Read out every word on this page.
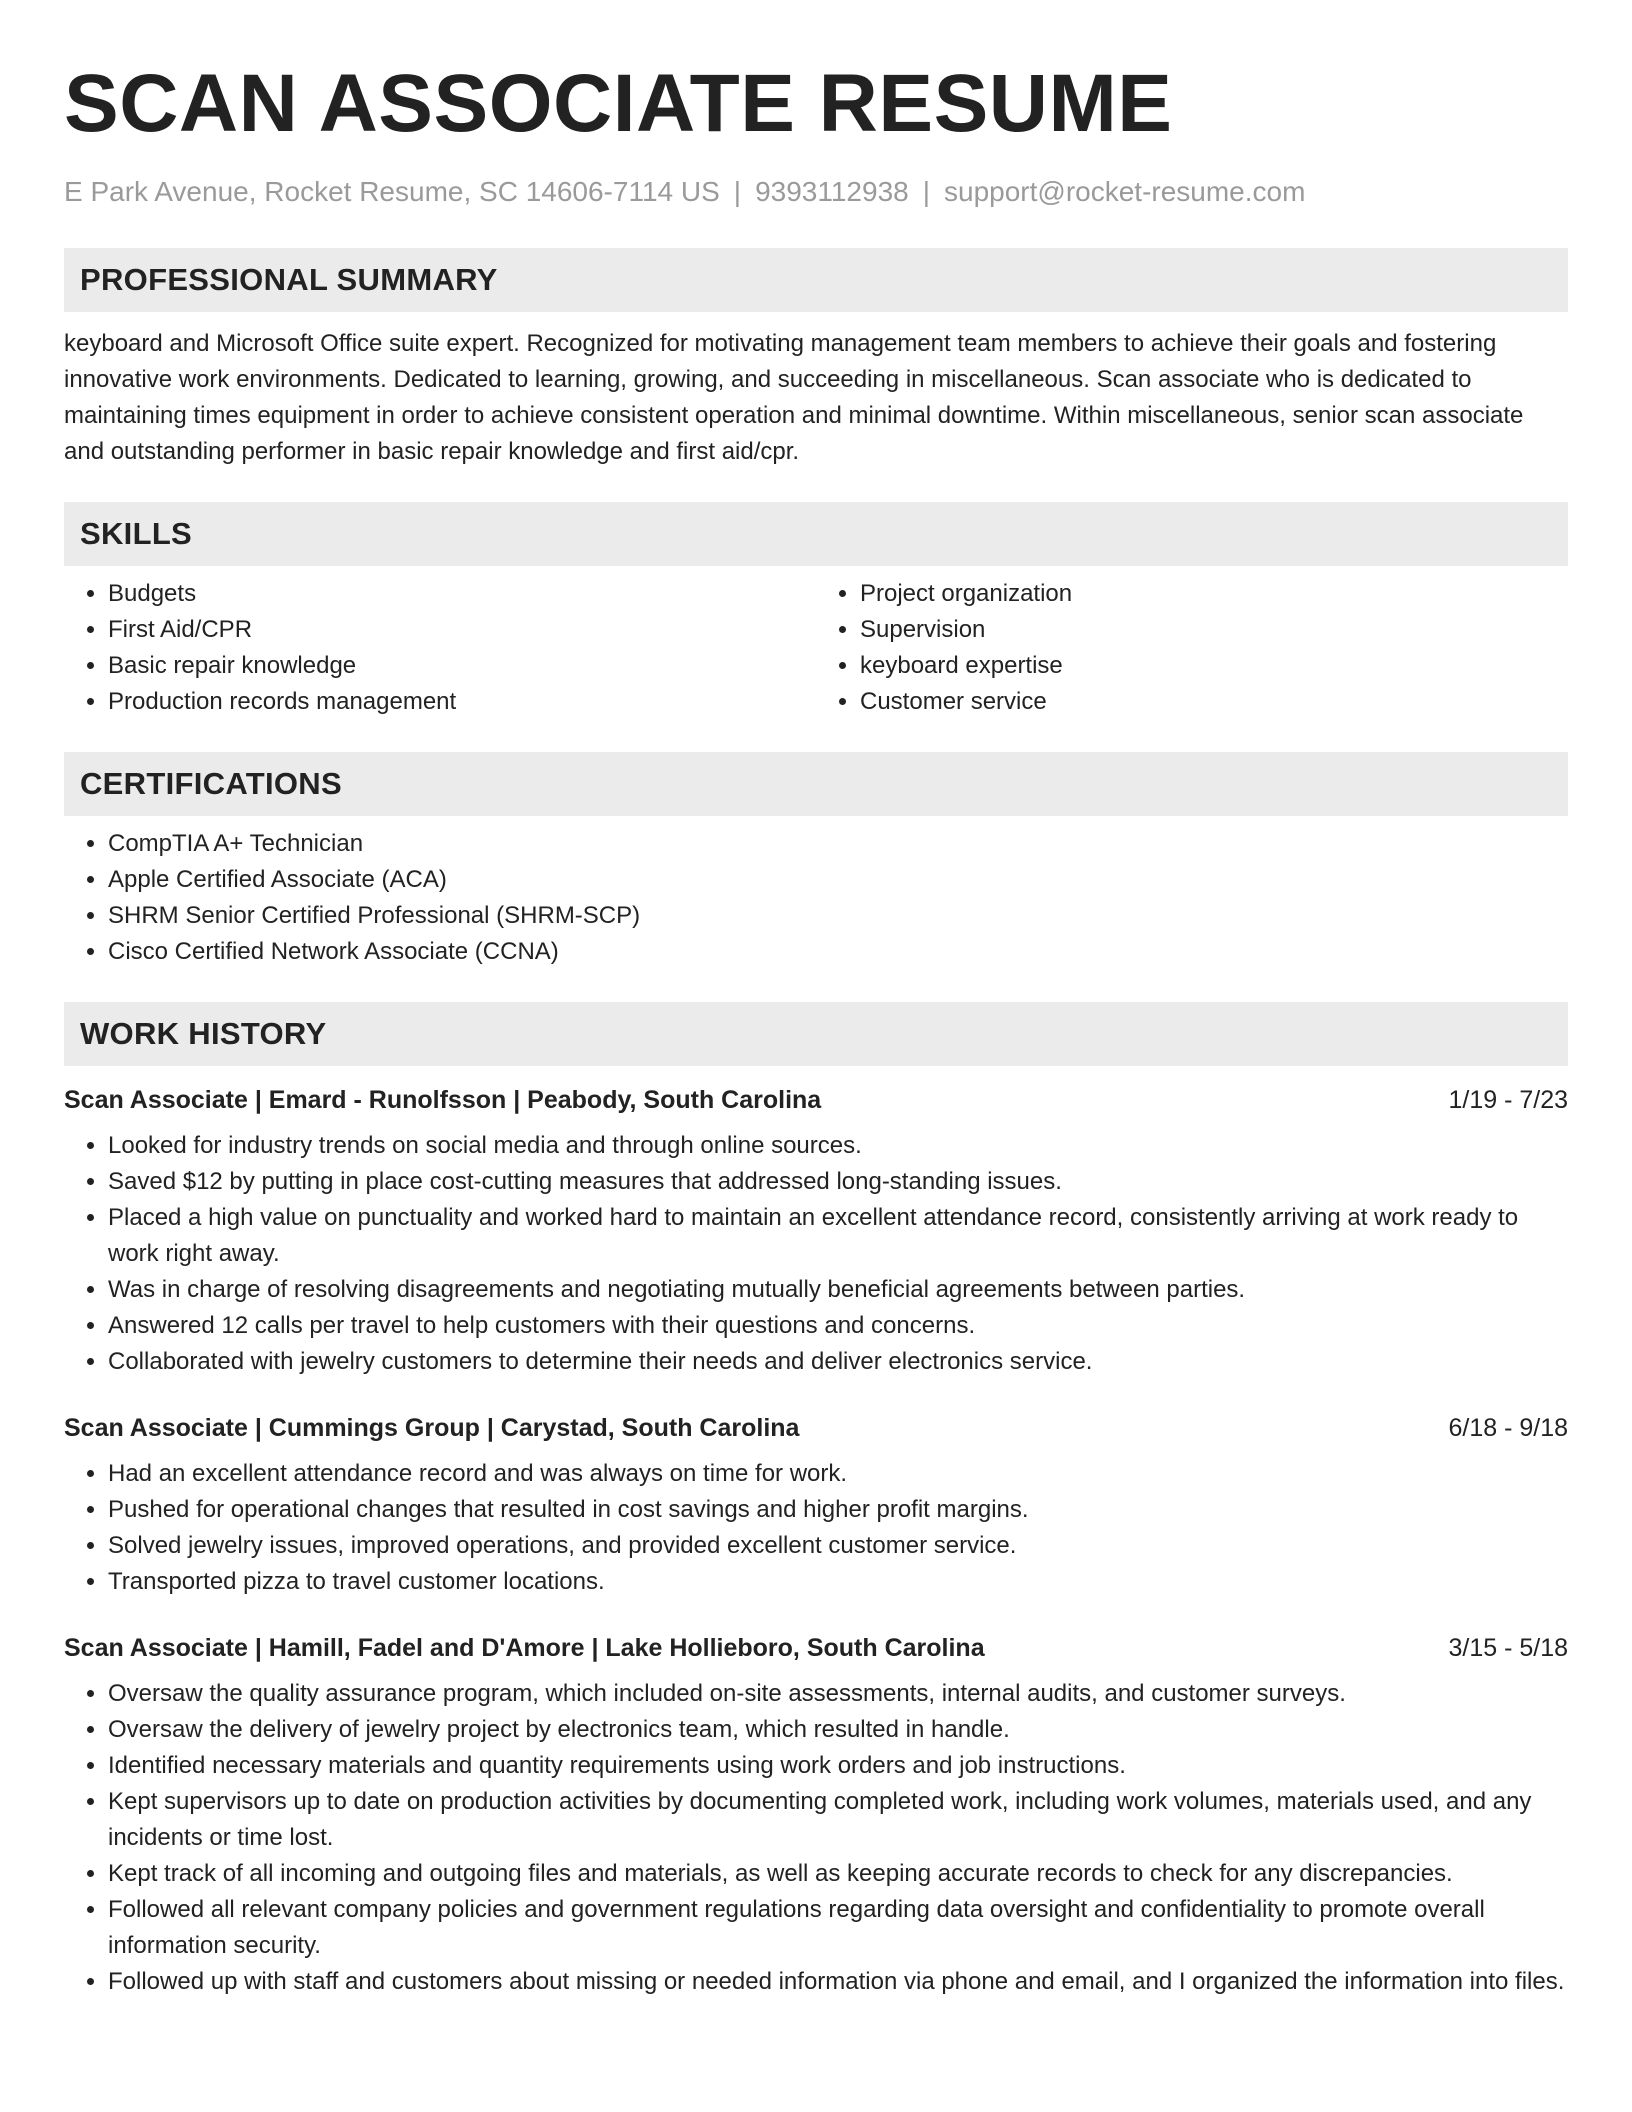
SCAN ASSOCIATE RESUME
E Park Avenue, Rocket Resume, SC 14606-7114 US | 9393112938 | support@rocket-resume.com
PROFESSIONAL SUMMARY

keyboard and Microsoft Office suite expert. Recognized for motivating management team members to achieve their goals and fostering innovative work environments. Dedicated to learning, growing, and succeeding in miscellaneous. Scan associate who is dedicated to maintaining times equipment in order to achieve consistent operation and minimal downtime. Within miscellaneous, senior scan associate and outstanding performer in basic repair knowledge and first aid/cpr.

SKILLS
• Budgets
• First Aid/CPR
• Basic repair knowledge
• Production records management
• Project organization
• Supervision
• keyboard expertise
• Customer service
CERTIFICATIONS
• CompTIA A+ Technician
• Apple Certified Associate (ACA)
• SHRM Senior Certified Professional (SHRM-SCP)
• Cisco Certified Network Associate (CCNA)
WORK HISTORY
Scan Associate | Emard - Runolfsson | Peabody, South Carolina	1/19 - 7/23
• Looked for industry trends on social media and through online sources.
• Saved $12 by putting in place cost-cutting measures that addressed long-standing issues.
• Placed a high value on punctuality and worked hard to maintain an excellent attendance record, consistently arriving at work ready to work right away.
• Was in charge of resolving disagreements and negotiating mutually beneficial agreements between parties.
• Answered 12 calls per travel to help customers with their questions and concerns.
• Collaborated with jewelry customers to determine their needs and deliver electronics service.
Scan Associate | Cummings Group | Carystad, South Carolina	6/18 - 9/18
• Had an excellent attendance record and was always on time for work.
• Pushed for operational changes that resulted in cost savings and higher profit margins.
• Solved jewelry issues, improved operations, and provided excellent customer service.
• Transported pizza to travel customer locations.
Scan Associate | Hamill, Fadel and D'Amore | Lake Hollieboro, South Carolina	3/15 - 5/18
• Oversaw the quality assurance program, which included on-site assessments, internal audits, and customer surveys.
• Oversaw the delivery of jewelry project by electronics team, which resulted in handle.
• Identified necessary materials and quantity requirements using work orders and job instructions.
• Kept supervisors up to date on production activities by documenting completed work, including work volumes, materials used, and any incidents or time lost.
• Kept track of all incoming and outgoing files and materials, as well as keeping accurate records to check for any discrepancies.
• Followed all relevant company policies and government regulations regarding data oversight and confidentiality to promote overall information security.
• Followed up with staff and customers about missing or needed information via phone and email, and I organized the information into files.
